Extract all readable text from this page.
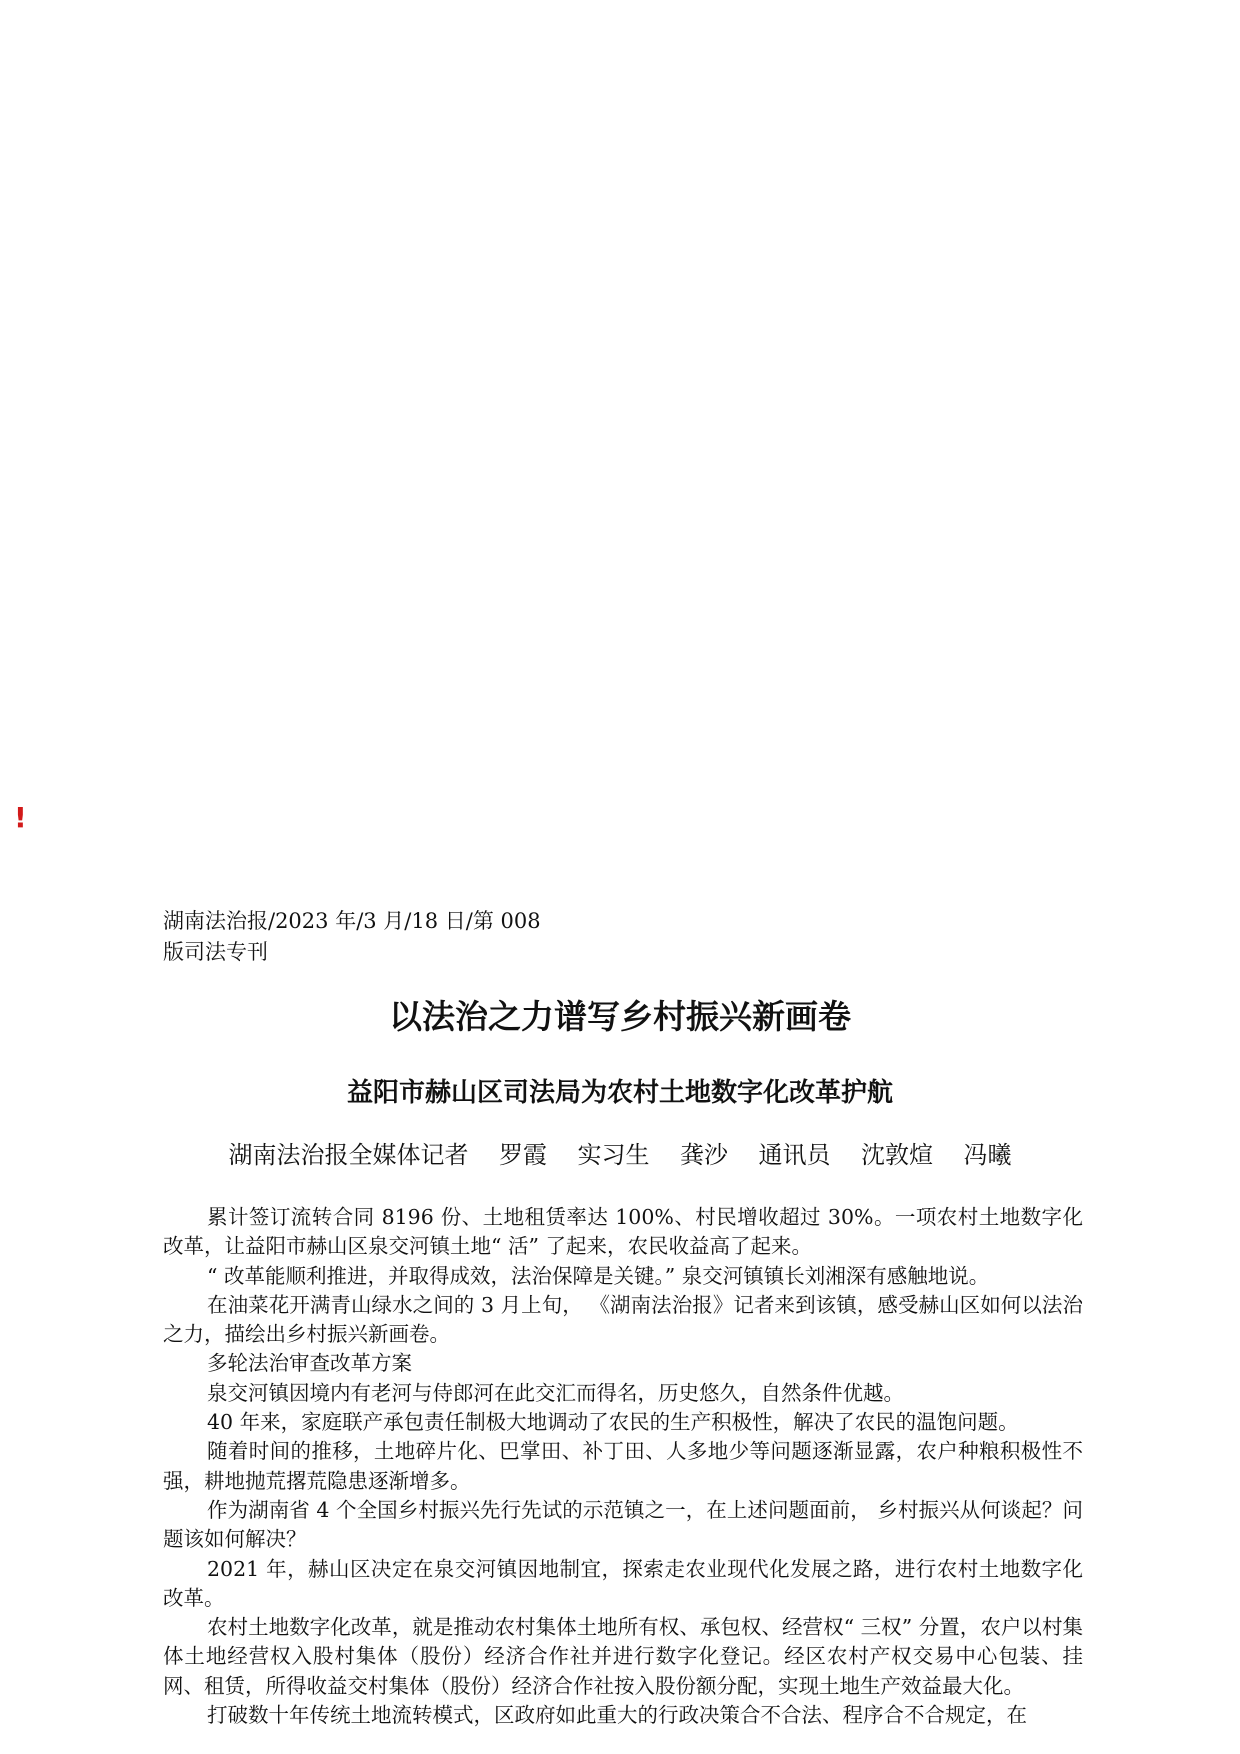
!
湖南法治报/2023 年/3 月/18 日/第 008
版司法专刊
以法治之力谱写乡村振兴新画卷
益阳市赫山区司法局为农村土地数字化改革护航
湖南法治报全媒体记者    罗霞    实习生    龚沙    通讯员    沈敦煊    冯曦

累计签订流转合同 8196 份、土地租赁率达 100%、村民增收超过 30%。一项农村土地数字化改革，让益阳市赫山区泉交河镇土地“ 活” 了起来，农民收益高了起来。

“ 改革能顺利推进，并取得成效，法治保障是关键。” 泉交河镇镇长刘湘深有感触地说。

在油菜花开满青山绿水之间的 3 月上旬， 《湖南法治报》记者来到该镇，感受赫山区如何以法治之力，描绘出乡村振兴新画卷。

多轮法治审查改革方案

泉交河镇因境内有老河与侍郎河在此交汇而得名，历史悠久，自然条件优越。

40 年来，家庭联产承包责任制极大地调动了农民的生产积极性，解决了农民的温饱问题。

随着时间的推移，土地碎片化、巴掌田、补丁田、人多地少等问题逐渐显露，农户种粮积极性不强，耕地抛荒撂荒隐患逐渐增多。

作为湖南省 4 个全国乡村振兴先行先试的示范镇之一，在上述问题面前， 乡村振兴从何谈起？问题该如何解决？

2021 年，赫山区决定在泉交河镇因地制宜，探索走农业现代化发展之路，进行农村土地数字化改革。

农村土地数字化改革，就是推动农村集体土地所有权、承包权、经营权“ 三权” 分置，农户以村集体土地经营权入股村集体（股份）经济合作社并进行数字化登记。经区农村产权交易中心包装、挂网、租赁，所得收益交村集体（股份）经济合作社按入股份额分配，实现土地生产效益最大化。

打破数十年传统土地流转模式，区政府如此重大的行政决策合不合法、程序合不合规定，在
